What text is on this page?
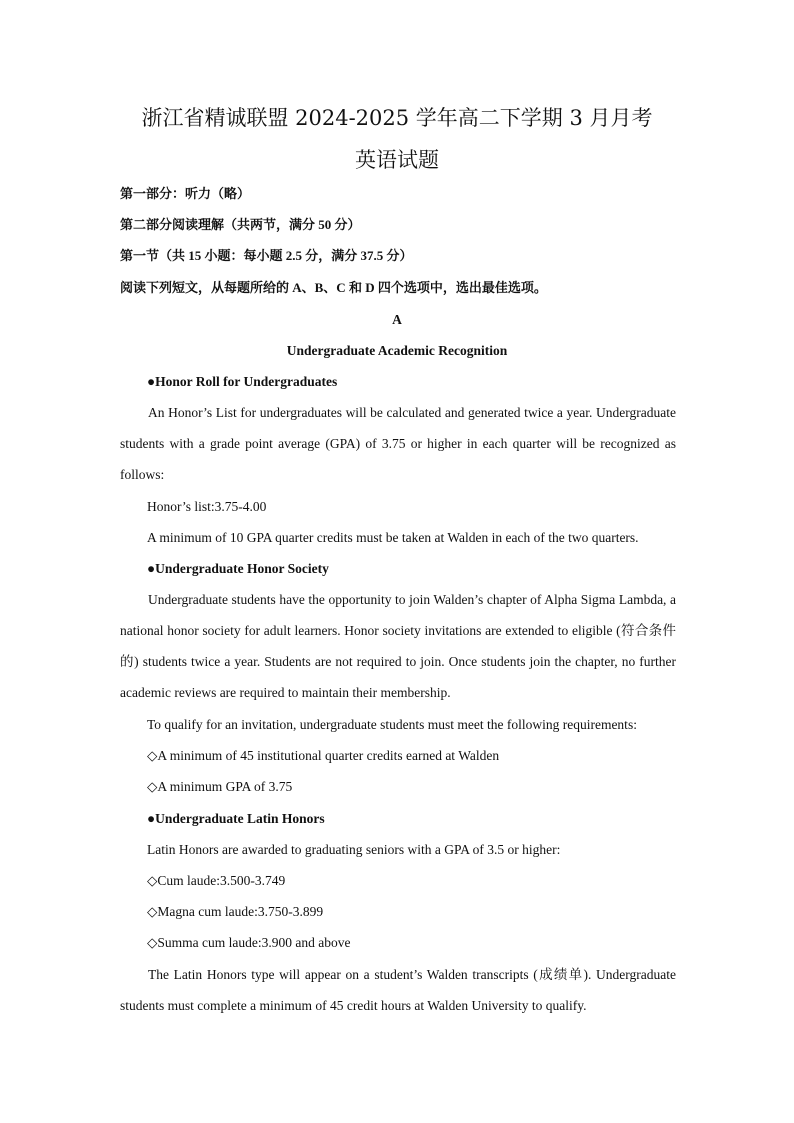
浙江省精诚联盟 2024-2025 学年高二下学期 3 月月考
英语试题
第一部分：听力（略）
第二部分阅读理解（共两节，满分 50 分）
第一节（共 15 小题：每小题 2.5 分，满分 37.5 分）
阅读下列短文，从每题所给的 A、B、C 和 D 四个选项中，选出最佳选项。
A
Undergraduate Academic Recognition
●Honor Roll for Undergraduates
An Honor’s List for undergraduates will be calculated and generated twice a year. Undergraduate students with a grade point average (GPA) of 3.75 or higher in each quarter will be recognized as follows:
Honor’s list:3.75-4.00
A minimum of 10 GPA quarter credits must be taken at Walden in each of the two quarters.
●Undergraduate Honor Society
Undergraduate students have the opportunity to join Walden’s chapter of Alpha Sigma Lambda, a national honor society for adult learners. Honor society invitations are extended to eligible (符合条件的) students twice a year. Students are not required to join. Once students join the chapter, no further academic reviews are required to maintain their membership.
To qualify for an invitation, undergraduate students must meet the following requirements:
◇A minimum of 45 institutional quarter credits earned at Walden
◇A minimum GPA of 3.75
●Undergraduate Latin Honors
Latin Honors are awarded to graduating seniors with a GPA of 3.5 or higher:
◇Cum laude:3.500-3.749
◇Magna cum laude:3.750-3.899
◇Summa cum laude:3.900 and above
The Latin Honors type will appear on a student’s Walden transcripts (成绩单). Undergraduate students must complete a minimum of 45 credit hours at Walden University to qualify.
